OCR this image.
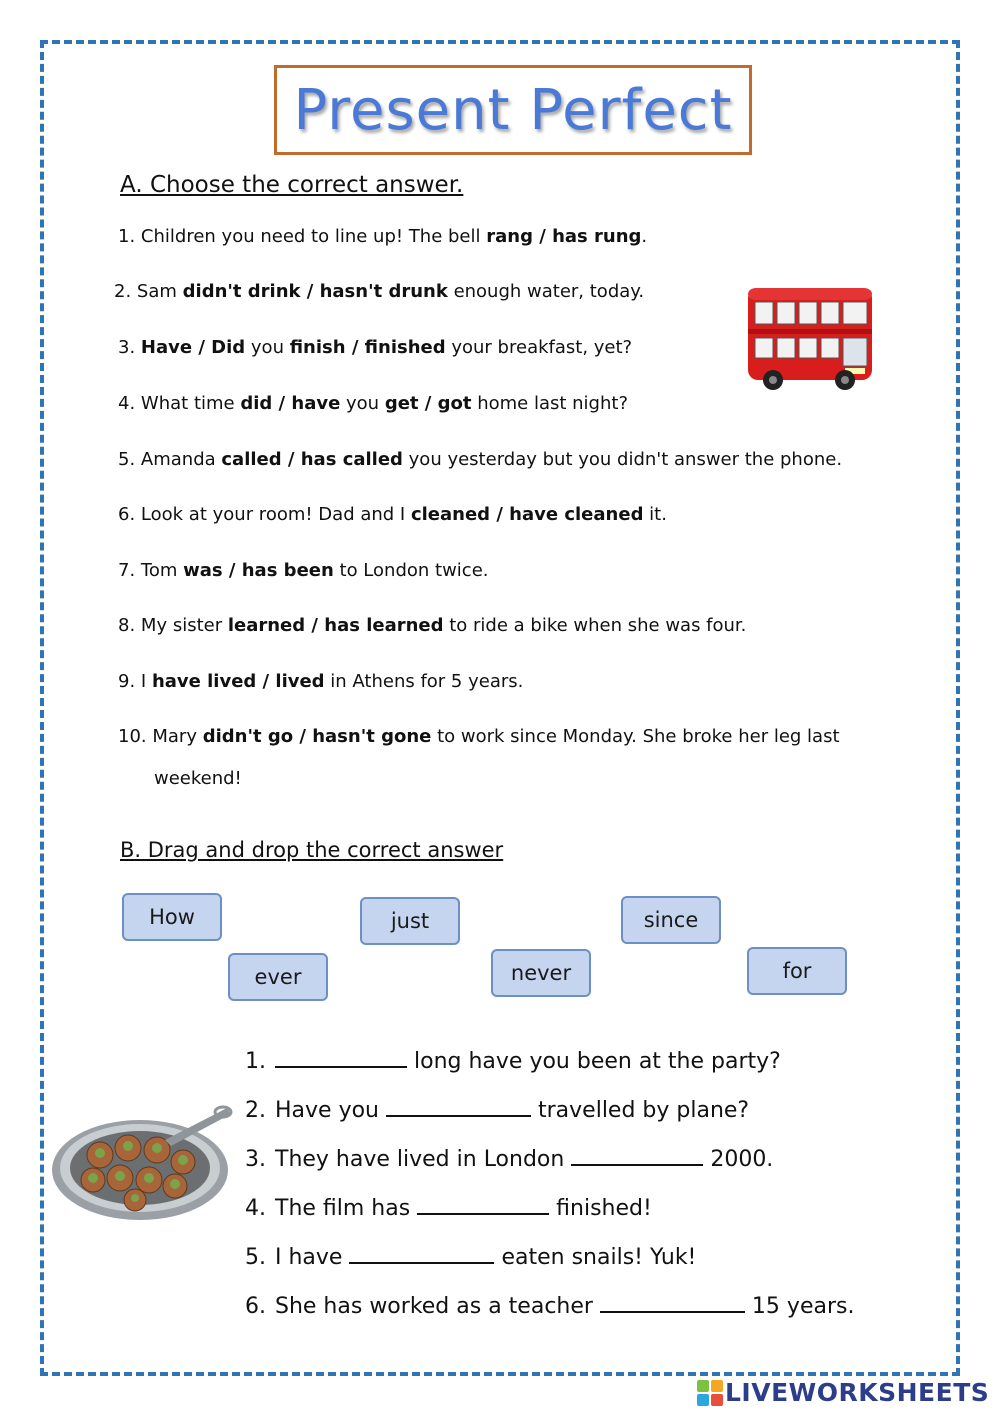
Present Perfect
A. Choose the correct answer.
1. Children you need to line up! The bell rang / has rung.
2. Sam didn't drink / hasn't drunk enough water, today.
3. Have / Did you finish / finished your breakfast, yet?
4. What time did / have you get / got home last night?
5. Amanda called / has called you yesterday but you didn't answer the phone.
6. Look at your room! Dad and I cleaned / have cleaned it.
7. Tom was / has been to London twice.
8. My sister learned / has learned to ride a bike when she was four.
9. I have lived / lived in Athens for 5 years.
10. Mary didn't go / hasn't gone to work since Monday. She broke her leg last
weekend!
B. Drag and drop the correct answer
How	just	since
ever	never	for
1.	long have you been at the party?
2. Have you	travelled by plane?
3. They have lived in London	2000.
4. The film has	finished!
5. I have	eaten snails! Yuk!
6. She has worked as a teacher	15 years.
LIVEWORKSHEETS
